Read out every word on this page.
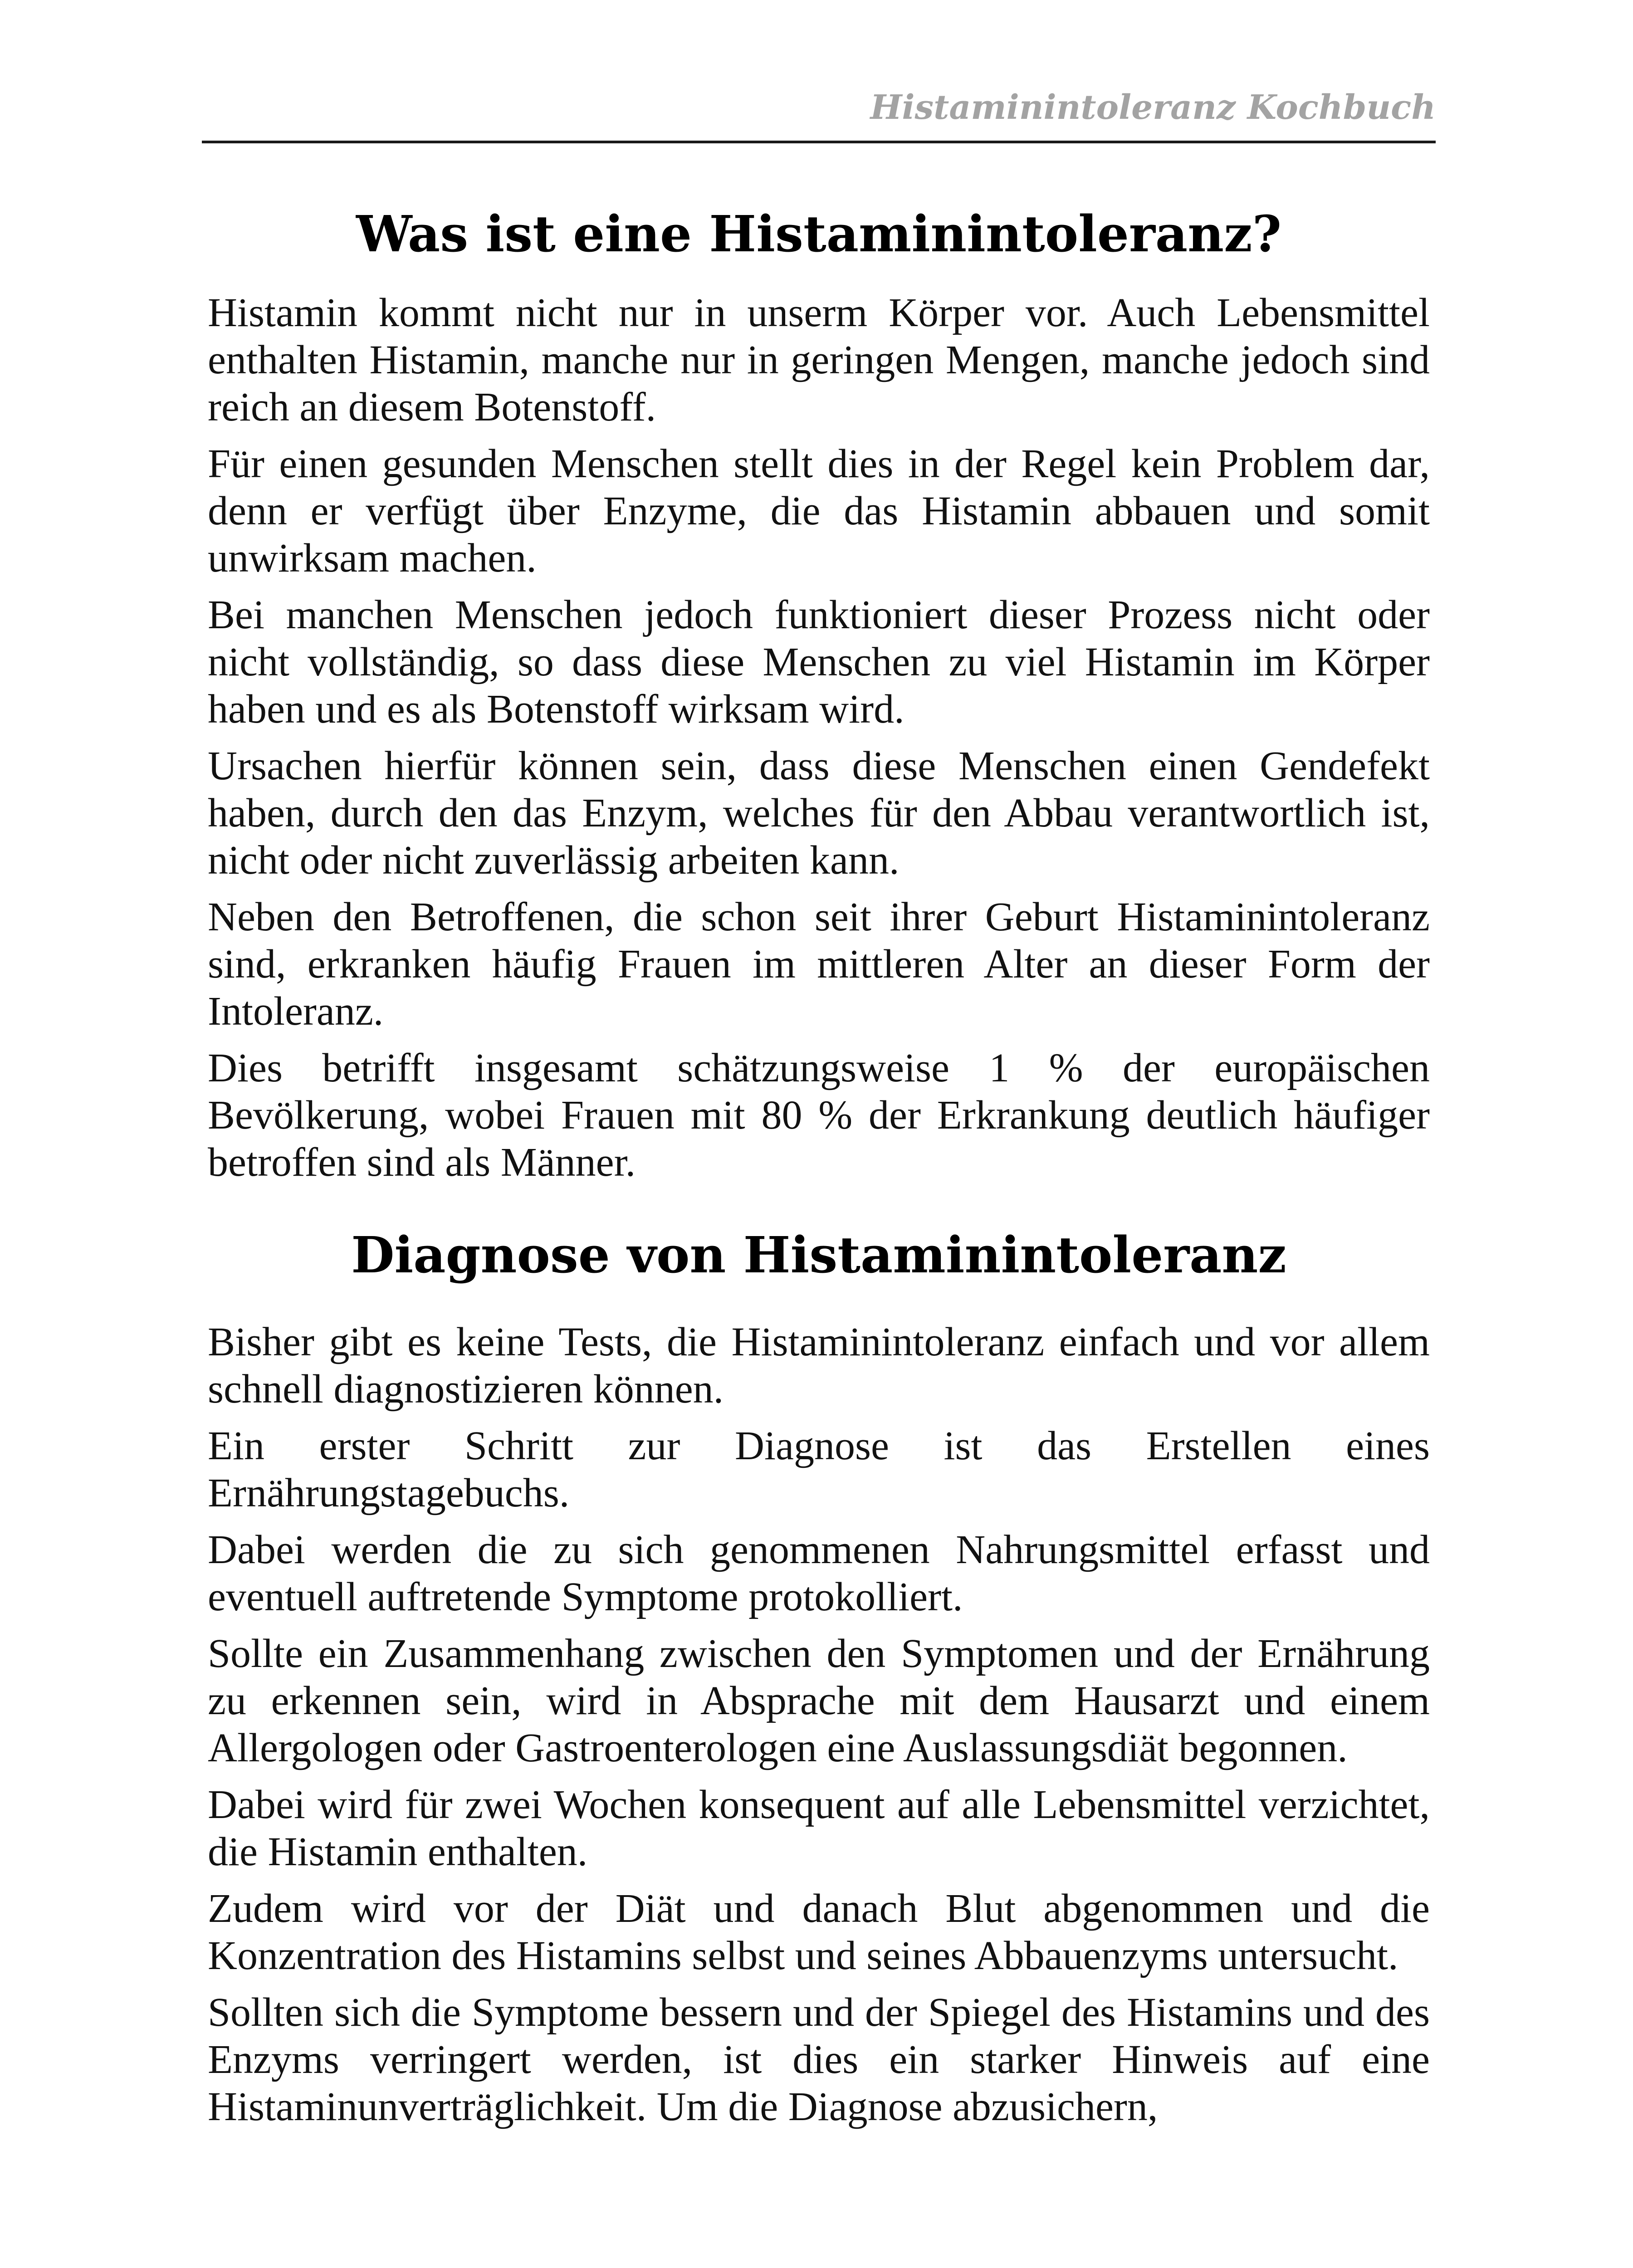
Histaminintoleranz Kochbuch
Was ist eine Histaminintoleranz?

Histamin kommt nicht nur in unserm Körper vor. Auch Lebensmittel enthalten Histamin, manche nur in geringen Mengen, manche jedoch sind reich an diesem Botenstoff.

Für einen gesunden Menschen stellt dies in der Regel kein Problem dar, denn er verfügt über Enzyme, die das Histamin abbauen und somit unwirksam machen.

Bei manchen Menschen jedoch funktioniert dieser Prozess nicht oder nicht vollständig, so dass diese Menschen zu viel Histamin im Körper haben und es als Botenstoff wirksam wird.

Ursachen hierfür können sein, dass diese Menschen einen Gendefekt haben, durch den das Enzym, welches für den Abbau verantwortlich ist, nicht oder nicht zuverlässig arbeiten kann.

Neben den Betroffenen, die schon seit ihrer Geburt Histaminintoleranz sind, erkranken häufig Frauen im mittleren Alter an dieser Form der Intoleranz.

Dies betrifft insgesamt schätzungsweise 1 % der europäischen Bevölkerung, wobei Frauen mit 80 % der Erkrankung deutlich häufiger betroffen sind als Männer.

Diagnose von Histaminintoleranz

Bisher gibt es keine Tests, die Histaminintoleranz einfach und vor allem schnell diagnostizieren können.

Ein erster Schritt zur Diagnose ist das Erstellen eines Ernährungstagebuchs.

Dabei werden die zu sich genommenen Nahrungsmittel erfasst und eventuell auftretende Symptome protokolliert.

Sollte ein Zusammenhang zwischen den Symptomen und der Ernährung zu erkennen sein, wird in Absprache mit dem Hausarzt und einem Allergologen oder Gastroenterologen eine Auslassungsdiät begonnen.

Dabei wird für zwei Wochen konsequent auf alle Lebensmittel verzichtet, die Histamin enthalten.

Zudem wird vor der Diät und danach Blut abgenommen und die Konzentration des Histamins selbst und seines Abbauenzyms untersucht.

Sollten sich die Symptome bessern und der Spiegel des Histamins und des Enzyms verringert werden, ist dies ein starker Hinweis auf eine Histaminunverträglichkeit. Um die Diagnose abzusichern,
